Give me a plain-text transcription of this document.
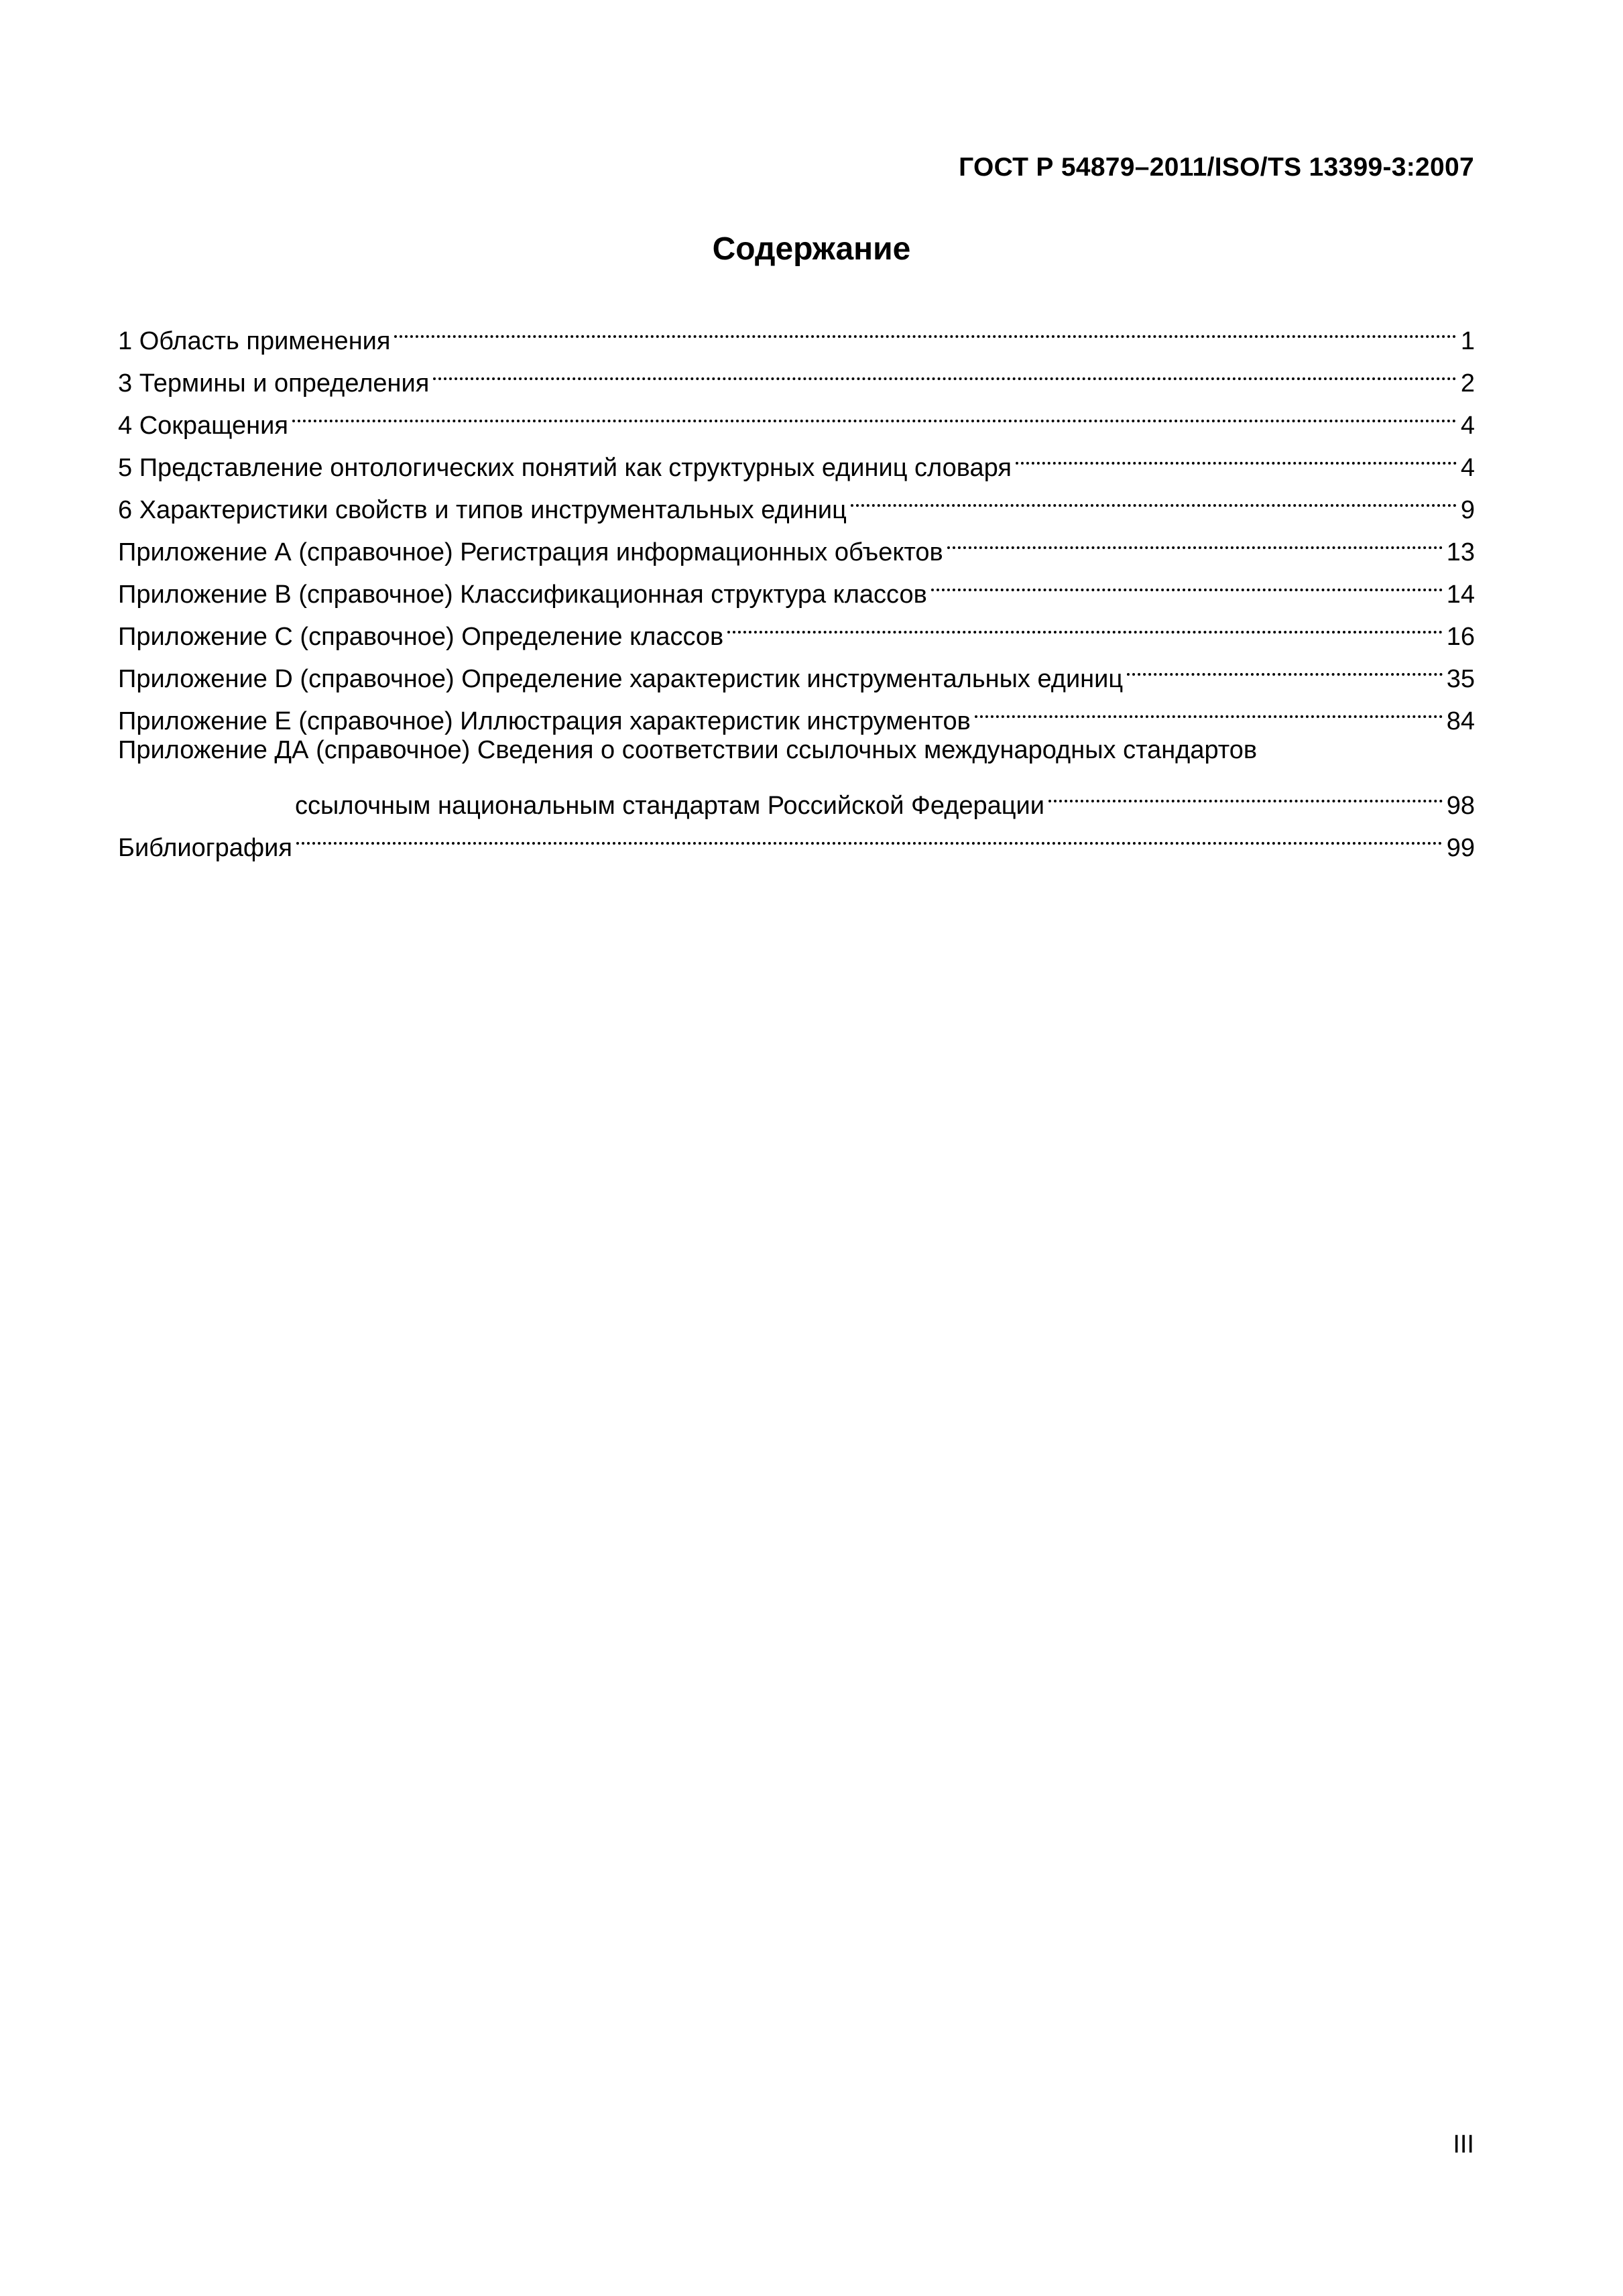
ГОСТ Р 54879–2011/ISO/TS 13399-3:2007
Содержание
1 Область применения	1
3 Термины и определения	2
4 Сокращения	4
5 Представление онтологических понятий как структурных единиц словаря	4
6 Характеристики свойств и типов инструментальных единиц	9
Приложение А (справочное) Регистрация информационных объектов	13
Приложение В (справочное) Классификационная структура классов	14
Приложение С (справочное) Определение классов	16
Приложение D (справочное) Определение характеристик инструментальных единиц	35
Приложение Е (справочное) Иллюстрация характеристик инструментов	84
Приложение ДА (справочное) Сведения о соответствии ссылочных международных стандартов
ссылочным национальным стандартам Российской Федерации	98
Библиография	99
III
